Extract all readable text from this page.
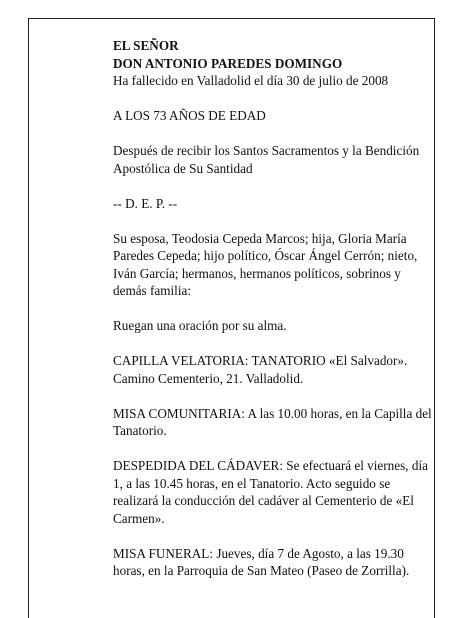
EL SEÑOR
DON ANTONIO PAREDES DOMINGO
Ha fallecido en Valladolid el día 30 de julio de 2008

A LOS 73 AÑOS DE EDAD

Después de recibir los Santos Sacramentos y la Bendición Apostólica de Su Santidad

-- D. E. P. --

Su esposa, Teodosia Cepeda Marcos; hija, Gloria María Paredes Cepeda; hijo político, Óscar Ángel Cerrón; nieto, Iván García; hermanos, hermanos políticos, sobrinos y demás familia:

Ruegan una oración por su alma.

CAPILLA VELATORIA: TANATORIO «El Salvador».
Camino Cementerio, 21. Valladolid.

MISA COMUNITARIA: A las 10.00 horas, en la Capilla del Tanatorio.

DESPEDIDA DEL CÁDAVER: Se efectuará el viernes, día 1, a las 10.45 horas, en el Tanatorio. Acto seguido se realizará la conducción del cadáver al Cementerio de «El Carmen».

MISA FUNERAL: Jueves, día 7 de Agosto, a las 19.30 horas, en la Parroquia de San Mateo (Paseo de Zorrilla).
